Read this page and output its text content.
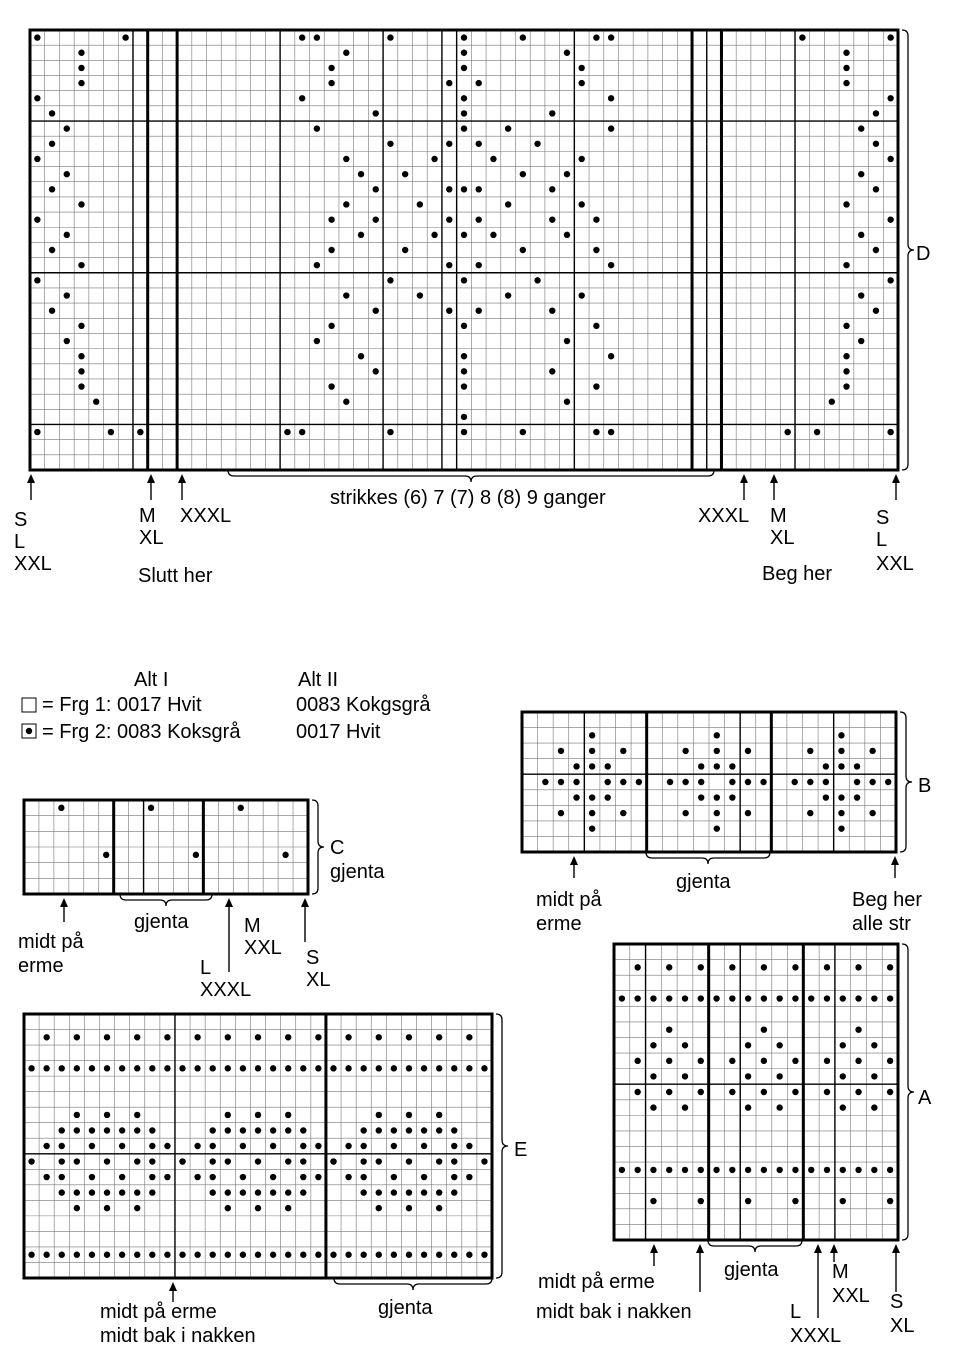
D
strikkes (6) 7 (7) 8 (8) 9 ganger
S
L
XXL
M
XL
XXXL
Slutt her
XXXL M
XL
Beg her
S
L
XXL
Alt I	Alt II
= Frg 1: 0017 Hvit	0083 Kokgsgrå
= Frg 2: 0083 Koksgrå	0017 Hvit
C
gjenta
midt på
erme
gjenta	M
XXL
L
XXXL
S
XL
B
midt på
erme
gjenta
Beg her
alle str
E
midt på erme
midt bak i nakken
gjenta
A
midt på erme
midt bak i nakken
gjenta	M
XXL
L
XXXL
S
XL
